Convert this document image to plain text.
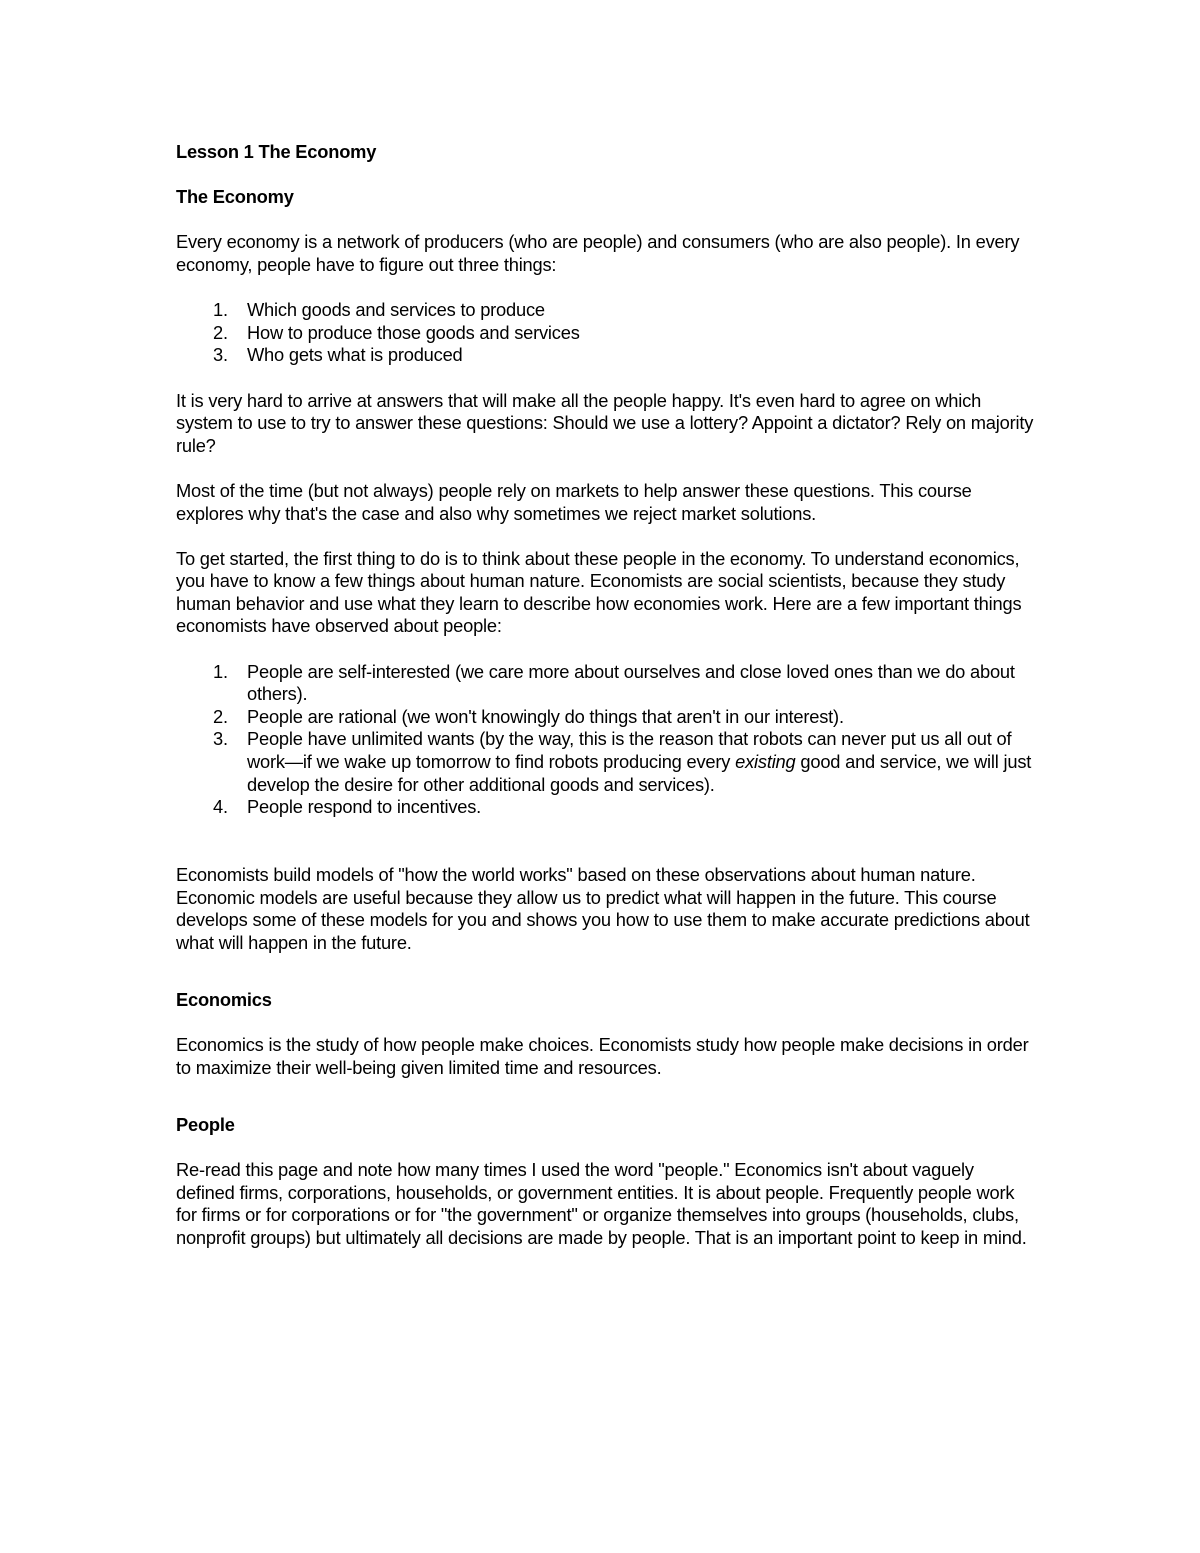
Lesson 1 The Economy
The Economy

Every economy is a network of producers (who are people) and consumers (who are also people). In every economy, people have to figure out three things:

1. Which goods and services to produce
2. How to produce those goods and services
3. Who gets what is produced

It is very hard to arrive at answers that will make all the people happy. It's even hard to agree on which system to use to try to answer these questions: Should we use a lottery? Appoint a dictator? Rely on majority rule?

Most of the time (but not always) people rely on markets to help answer these questions. This course explores why that's the case and also why sometimes we reject market solutions.

To get started, the first thing to do is to think about these people in the economy. To understand economics, you have to know a few things about human nature. Economists are social scientists, because they study human behavior and use what they learn to describe how economies work. Here are a few important things economists have observed about people:

1. People are self-interested (we care more about ourselves and close loved ones than we do about others).
2. People are rational (we won't knowingly do things that aren't in our interest).
3. People have unlimited wants (by the way, this is the reason that robots can never put us all out of work—if we wake up tomorrow to find robots producing every existing good and service, we will just develop the desire for other additional goods and services).
4. People respond to incentives.

Economists build models of "how the world works" based on these observations about human nature. Economic models are useful because they allow us to predict what will happen in the future. This course develops some of these models for you and shows you how to use them to make accurate predictions about what will happen in the future.

Economics

Economics is the study of how people make choices. Economists study how people make decisions in order to maximize their well-being given limited time and resources.

People

Re-read this page and note how many times I used the word "people." Economics isn't about vaguely defined firms, corporations, households, or government entities. It is about people. Frequently people work for firms or for corporations or for "the government" or organize themselves into groups (households, clubs, nonprofit groups) but ultimately all decisions are made by people. That is an important point to keep in mind.
